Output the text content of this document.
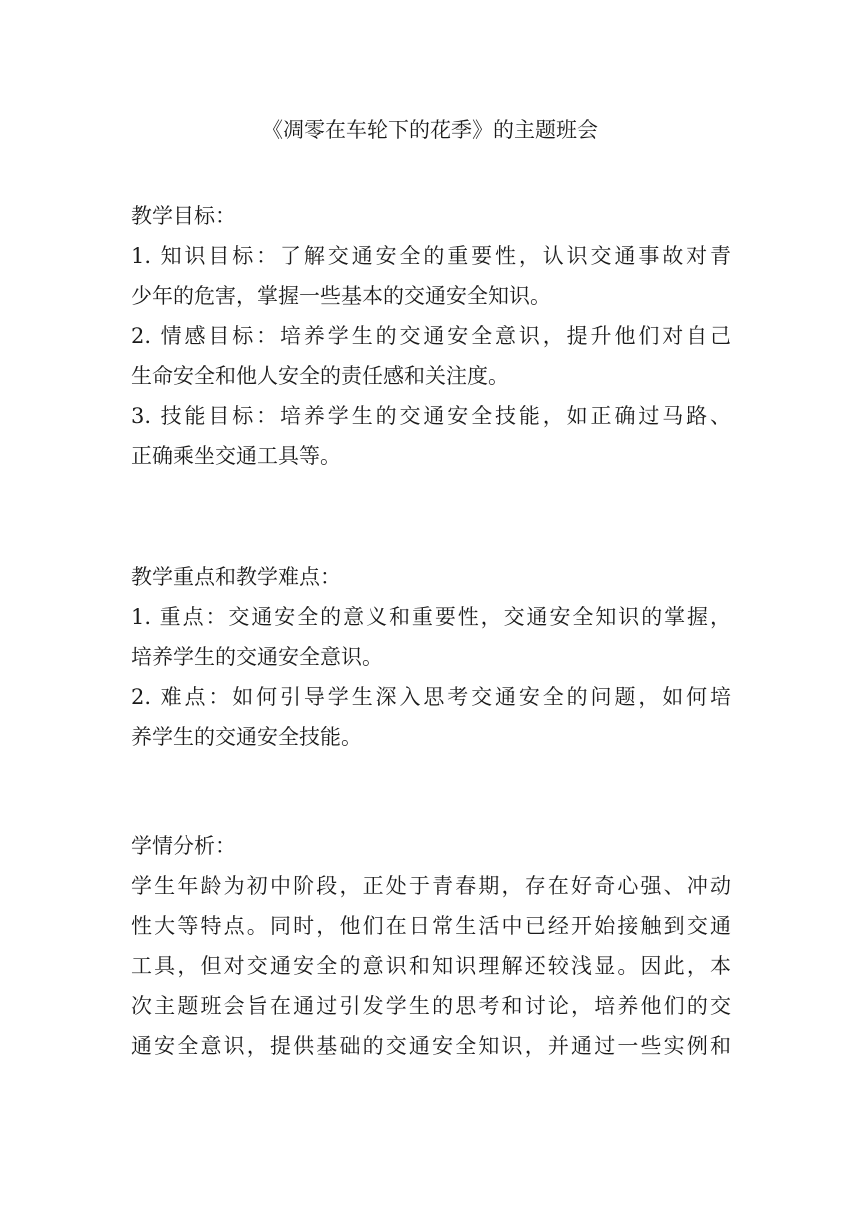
《凋零在车轮下的花季》的主题班会
教学目标：
1. 知识目标：了解交通安全的重要性，认识交通事故对青
少年的危害，掌握一些基本的交通安全知识。
2. 情感目标：培养学生的交通安全意识，提升他们对自己
生命安全和他人安全的责任感和关注度。
3. 技能目标：培养学生的交通安全技能，如正确过马路、
正确乘坐交通工具等。
教学重点和教学难点：
1. 重点：交通安全的意义和重要性，交通安全知识的掌握，
培养学生的交通安全意识。
2. 难点：如何引导学生深入思考交通安全的问题，如何培
养学生的交通安全技能。
学情分析：
学生年龄为初中阶段，正处于青春期，存在好奇心强、冲动
性大等特点。同时，他们在日常生活中已经开始接触到交通
工具，但对交通安全的意识和知识理解还较浅显。因此，本
次主题班会旨在通过引发学生的思考和讨论，培养他们的交
通安全意识，提供基础的交通安全知识，并通过一些实例和
